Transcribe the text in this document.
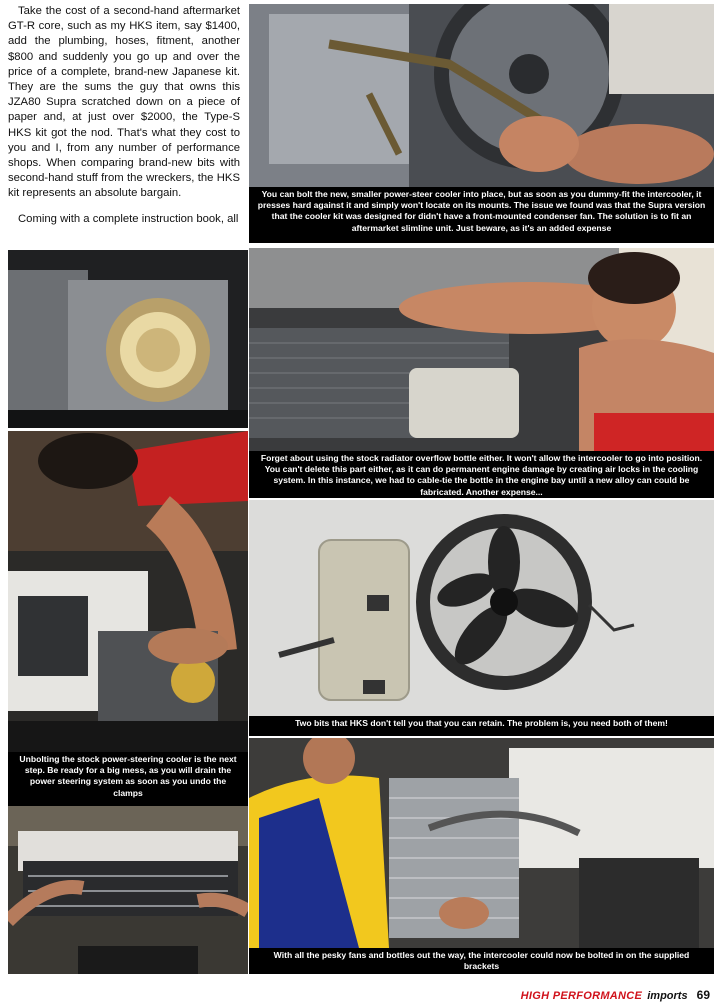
Take the cost of a second-hand aftermarket GT-R core, such as my HKS item, say $1400, add the plumbing, hoses, fitment, another $800 and suddenly you go up and over the price of a complete, brand-new Japanese kit. They are the sums the guy that owns this JZA80 Supra scratched down on a piece of paper and, at just over $2000, the Type-S HKS kit got the nod. That's what they cost to you and I, from any number of performance shops. When comparing brand-new bits with second-hand stuff from the wreckers, the HKS kit represents an absolute bargain.

Coming with a complete instruction book, all

You can bolt the new, smaller power-steer cooler into place, but as soon as you dummy-fit the intercooler, it presses hard against it and simply won't locate on its mounts. The issue we found was that the Supra version that the cooler kit was designed for didn't have a front-mounted condenser fan. The solution is to fit an aftermarket slimline unit. Just beware, as it's an added expense
Forget about using the stock radiator overflow bottle either. It won't allow the intercooler to go into position. You can't delete this part either, as it can do permanent engine damage by creating air locks in the cooling system. In this instance, we had to cable-tie the bottle in the engine bay until a new alloy can could be fabricated. Another expense...
Two bits that HKS don't tell you that you can retain. The problem is, you need both of them!
Unbolting the stock power-steering cooler is the next step. Be ready for a big mess, as you will drain the power steering system as soon as you undo the clamps
With all the pesky fans and bottles out the way, the intercooler could now be bolted in on the supplied brackets
HIGH PERFORMANCE imports 69
